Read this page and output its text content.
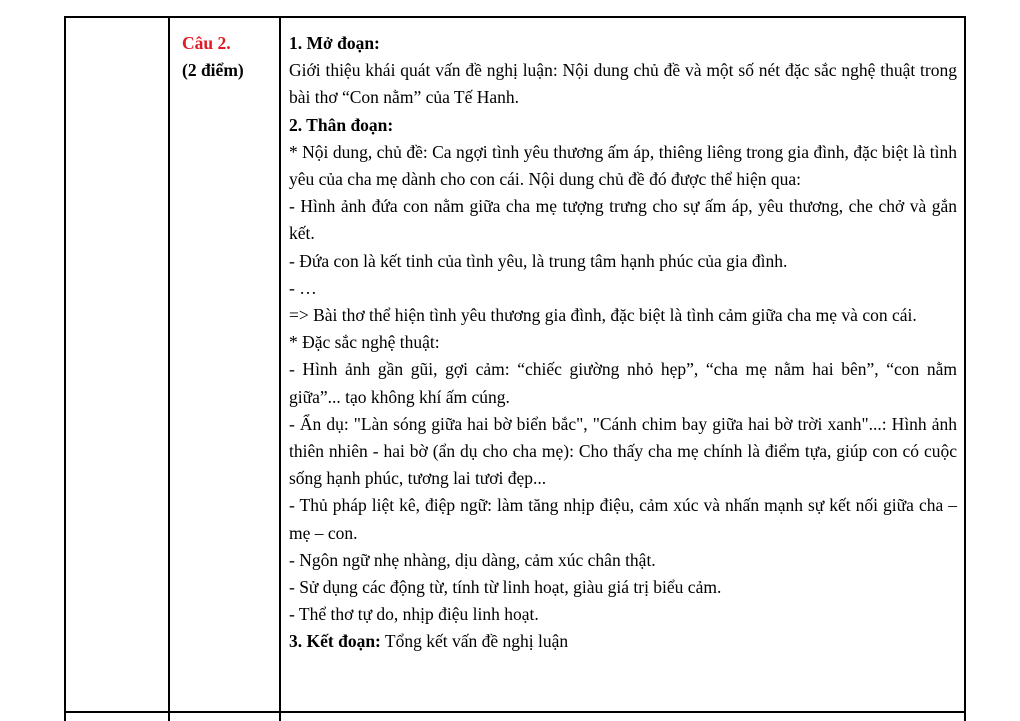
Câu 2.
(2 điểm)

1. Mở đoạn:

Giới thiệu khái quát vấn đề nghị luận: Nội dung chủ đề và một số nét đặc sắc nghệ thuật trong bài thơ “Con nằm” của Tế Hanh.

2. Thân đoạn:

* Nội dung, chủ đề: Ca ngợi tình yêu thương ấm áp, thiêng liêng trong gia đình, đặc biệt là tình yêu của cha mẹ dành cho con cái. Nội dung chủ đề đó được thể hiện qua:

- Hình ảnh đứa con nằm giữa cha mẹ tượng trưng cho sự ấm áp, yêu thương, che chở và gắn kết.

- Đứa con là kết tinh của tình yêu, là trung tâm hạnh phúc của gia đình.

- …

=> Bài thơ thể hiện tình yêu thương gia đình, đặc biệt là tình cảm giữa cha mẹ và con cái.

* Đặc sắc nghệ thuật:

- Hình ảnh gần gũi, gợi cảm: “chiếc giường nhỏ hẹp”, “cha mẹ nằm hai bên”, “con nằm giữa”... tạo không khí ấm cúng.

- Ẩn dụ: "Làn sóng giữa hai bờ biển bắc", "Cánh chim bay giữa hai bờ trời xanh"...: Hình ảnh thiên nhiên - hai bờ (ẩn dụ cho cha mẹ): Cho thấy cha mẹ chính là điểm tựa, giúp con có cuộc sống hạnh phúc, tương lai tươi đẹp...

- Thủ pháp liệt kê, điệp ngữ: làm tăng nhịp điệu, cảm xúc và nhấn mạnh sự kết nối giữa cha – mẹ – con.

- Ngôn ngữ nhẹ nhàng, dịu dàng, cảm xúc chân thật.

- Sử dụng các động từ, tính từ linh hoạt, giàu giá trị biểu cảm.

- Thể thơ tự do, nhịp điệu linh hoạt.

3. Kết đoạn: Tổng kết vấn đề nghị luận
